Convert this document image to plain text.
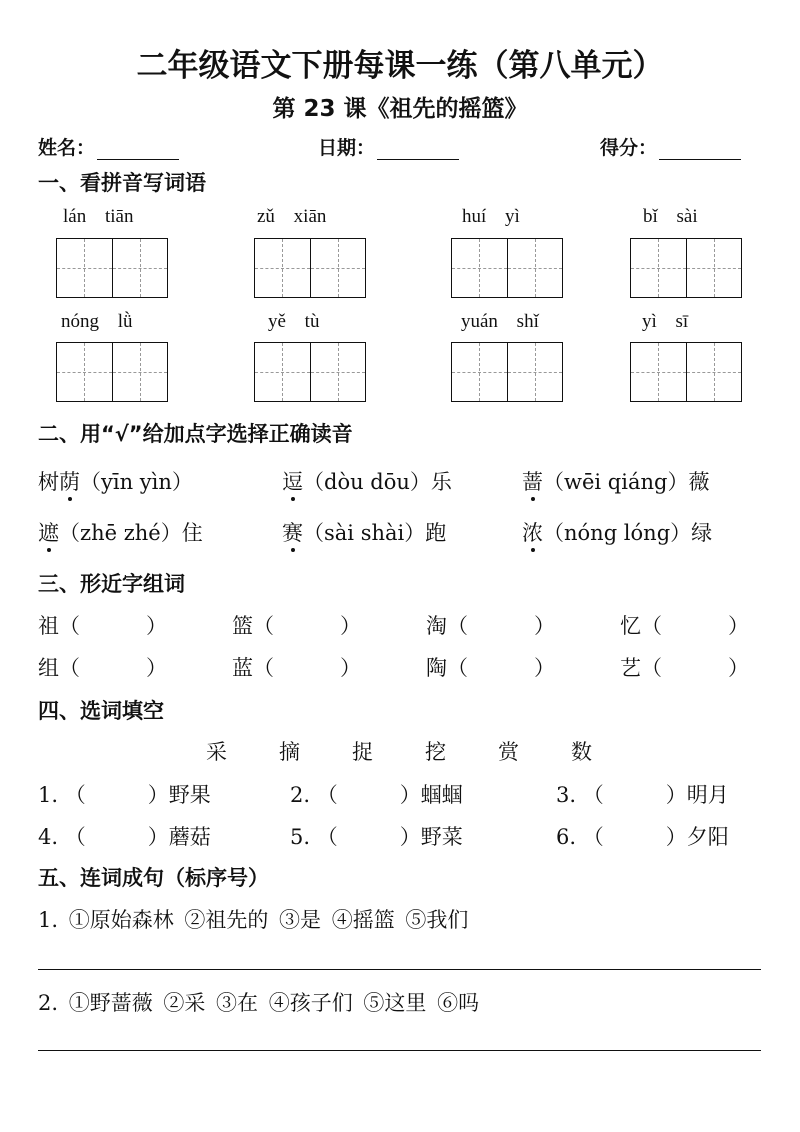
二年级语文下册每课一练（第八单元）
第 23 课《祖先的摇篮》
姓名：	日期：	得分：
一、看拼音写词语
lán tiān	zǔ xiān	huí yì	bǐ sài
nóng lǜ	yě tù	yuán shǐ	yì sī
二、用“√”给加点字选择正确读音
树荫（yīn yìn）	逗（dòu dōu）乐	蔷（wēi qiáng）薇
遮（zhē zhé）住	赛（sài shài）跑	浓（nóng lóng）绿
三、形近字组词
祖（	）	篮（	）	淘（	）	忆（	）
组（	）	蓝（	）	陶（	）	艺（	）
四、选词填空
采 摘 捉 挖 赏 数
1. （	）野果	2. （	）蝈蝈	3. （	）明月
4. （	）蘑菇	5. （	）野菜	6. （	）夕阳
五、连词成句（标序号）
1. ①原始森林 ②祖先的 ③是 ④摇篮 ⑤我们
2. ①野蔷薇 ②采 ③在 ④孩子们 ⑤这里 ⑥吗
